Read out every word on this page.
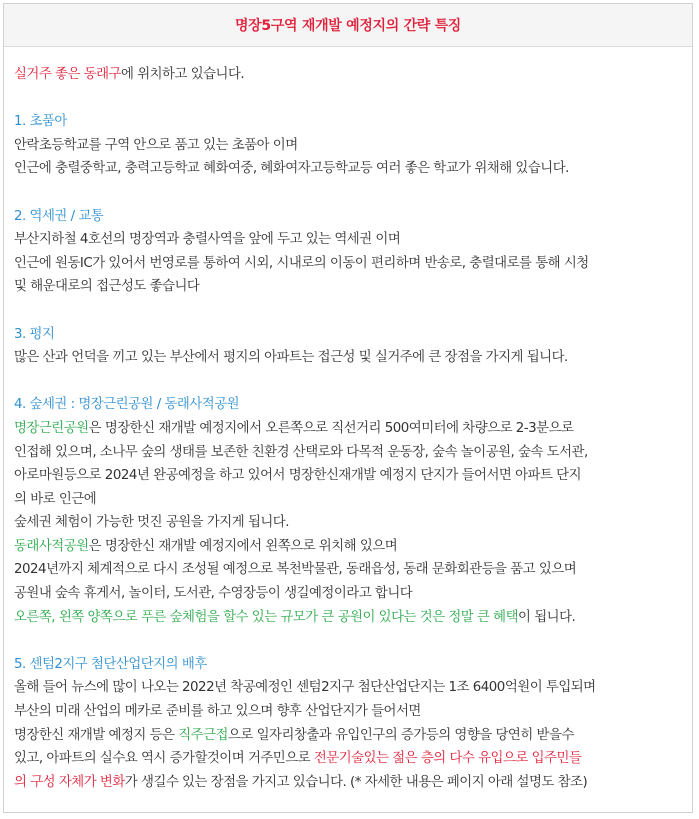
명장5구역 재개발 예정지의 간략 특징

실거주 좋은 동래구에 위치하고 있습니다.

1. 초품아

안락초등학교를 구역 안으로 품고 있는 초품아 이며

인근에 충렬중학교, 충력고등학교 혜화여중, 혜화여자고등학교등 여러 좋은 학교가 위채해 있습니다.

2. 역세권 / 교통

부산지하철 4호선의 명장역과 충렬사역을 앞에 두고 있는 역세권 이며

인근에 원동IC가 있어서 번영로를 통하여 시외, 시내로의 이동이 편리하며 반송로, 충렬대로를 통해 시청

및 해운대로의 접근성도 좋습니다

3. 평지

많은 산과 언덕을 끼고 있는 부산에서 평지의 아파트는 접근성 및 실거주에 큰 장점을 가지게 됩니다.

4. 숲세권 : 명장근린공원 / 동래사적공원

명장근린공원은 명장한신 재개발 예정지에서 오른쪽으로 직선거리 500여미터에 차량으로 2-3분으로

인접해 있으며, 소나무 숲의 생태를 보존한 친환경 산택로와 다목적 운동장, 숲속 놀이공원, 숲속 도서관,

아로마원등으로 2024년 완공예정을 하고 있어서 명장한신재개발 예정지 단지가 들어서면 아파트 단지

의 바로 인근에

숲세권 체험이 가능한 멋진 공원을 가지게 됩니다.

동래사적공원은 명장한신 재개발 예정지에서 왼쪽으로 위치해 있으며

2024년까지 체계적으로 다시 조성될 예정으로 복천박물관, 동래읍성, 동래 문화회관등을 품고 있으며

공원내 숲속 휴게서, 놀이터, 도서관, 수영장등이 생길예정이라고 합니다

오른쪽, 왼쪽 양쪽으로 푸른 숲체험을 할수 있는 규모가 큰 공원이 있다는 것은 정말 큰 혜택이 됩니다.

5. 센텀2지구 첨단산업단지의 배후

올해 들어 뉴스에 많이 나오는 2022년 착공예정인 센텀2지구 첨단산업단지는 1조 6400억원이 투입되며

부산의 미래 산업의 메카로 준비를 하고 있으며 향후 산업단지가 들어서면

명장한신 재개발 예정지 등은 직주근접으로 일자리창출과 유입인구의 증가등의 영향을 당연히 받을수

있고, 아파트의 실수요 역시 증가할것이며 거주민으로 전문기술있는 젊은 층의 다수 유입으로 입주민들

의 구성 자체가 변화가 생길수 있는 장점을 가지고 있습니다. (* 자세한 내용은 페이지 아래 설명도 참조)
